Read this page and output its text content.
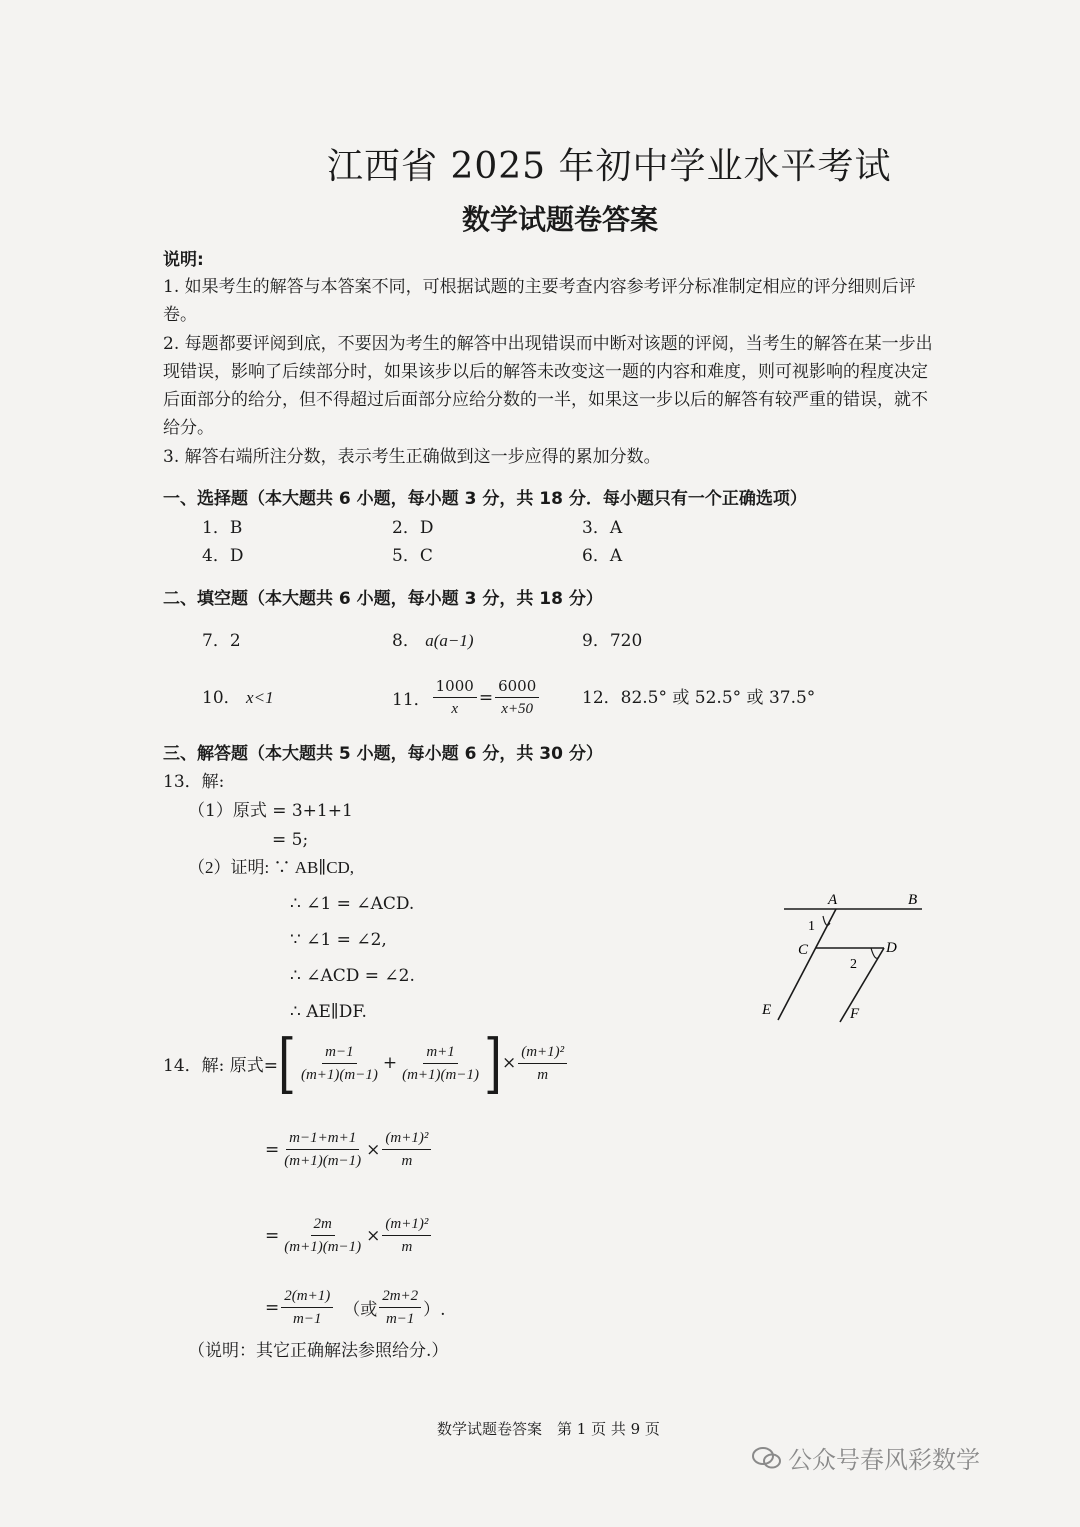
江西省 2025 年初中学业水平考试
数学试题卷答案
说明:
1. 如果考生的解答与本答案不同，可根据试题的主要考查内容参考评分标准制定相应的评分细则后评卷。
2. 每题都要评阅到底，不要因为考生的解答中出现错误而中断对该题的评阅，当考生的解答在某一步出现错误，影响了后续部分时，如果该步以后的解答未改变这一题的内容和难度，则可视影响的程度决定后面部分的给分，但不得超过后面部分应给分数的一半，如果这一步以后的解答有较严重的错误，就不给分。
3. 解答右端所注分数，表示考生正确做到这一步应得的累加分数。
一、选择题（本大题共 6 小题，每小题 3 分，共 18 分．每小题只有一个正确选项）
1．B	2．D	3．A
4．D	5．C	6．A
二、填空题（本大题共 6 小题，每小题 3 分，共 18 分）
7．2	8． a(a−1)	9．720
10． x<1	11． $\frac{1000}{x} = \frac{6000}{x+50}$	12．82.5° 或 52.5° 或 37.5°
三、解答题（本大题共 5 小题，每小题 6 分，共 30 分）
13．解:
（1）原式 = 3+1+1
= 5;
（2）证明: ∵ AB∥CD,
∴ ∠1 = ∠ACD.
∵ ∠1 = ∠2,
∴ ∠ACD = ∠2.
∴ AE∥DF.
A	B
C	D
E	F
1
2
14．解: 原式= [ $\frac{m-1}{(m+1)(m-1)} + \frac{m+1}{(m+1)(m-1)}$ ] × $\frac{\text{(m+1)²}}{m}$
= $\frac{m-1+m+1}{(m+1)(m-1)} \times \frac{\text{(m+1)²}}{m}$
= $\frac{2m}{(m+1)(m-1)} \times \frac{\text{(m+1)²}}{m}$
= $\frac{2(m+1)}{m-1}$ （或 $\frac{2m+2}{m-1}$ ）.
（说明：其它正确解法参照给分.）
数学试题卷答案　第 1 页 共 9 页
公众号春风彩数学
